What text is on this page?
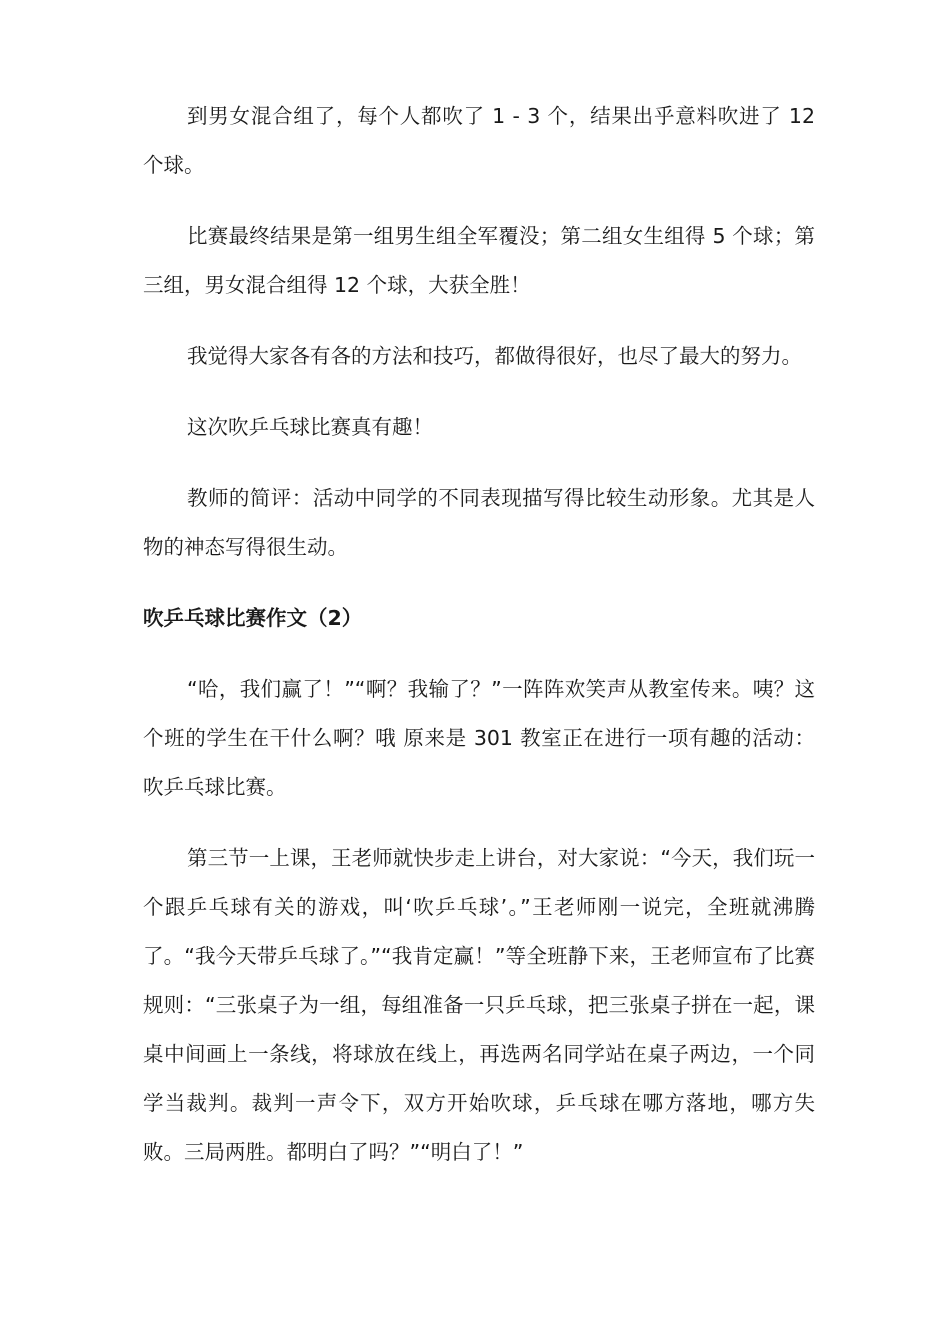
到男女混合组了，每个人都吹了 1 - 3 个，结果出乎意料吹进了 12 个球。

比赛最终结果是第一组男生组全军覆没；第二组女生组得 5 个球；第三组，男女混合组得 12 个球，大获全胜！

我觉得大家各有各的方法和技巧，都做得很好，也尽了最大的努力。

这次吹乒乓球比赛真有趣！

教师的简评：活动中同学的不同表现描写得比较生动形象。尤其是人物的神态写得很生动。

吹乒乓球比赛作文（2）

“哈，我们赢了！”“啊？我输了？”一阵阵欢笑声从教室传来。咦？这个班的学生在干什么啊？哦 原来是 301 教室正在进行一项有趣的活动：吹乒乓球比赛。

第三节一上课，王老师就快步走上讲台，对大家说：“今天，我们玩一个跟乒乓球有关的游戏，叫‘吹乒乓球’。”王老师刚一说完，全班就沸腾了。“我今天带乒乓球了。”“我肯定赢！”等全班静下来，王老师宣布了比赛规则：“三张桌子为一组，每组准备一只乒乓球，把三张桌子拼在一起，课桌中间画上一条线，将球放在线上，再选两名同学站在桌子两边，一个同学当裁判。裁判一声令下，双方开始吹球，乒乓球在哪方落地，哪方失败。三局两胜。都明白了吗？”“明白了！”
